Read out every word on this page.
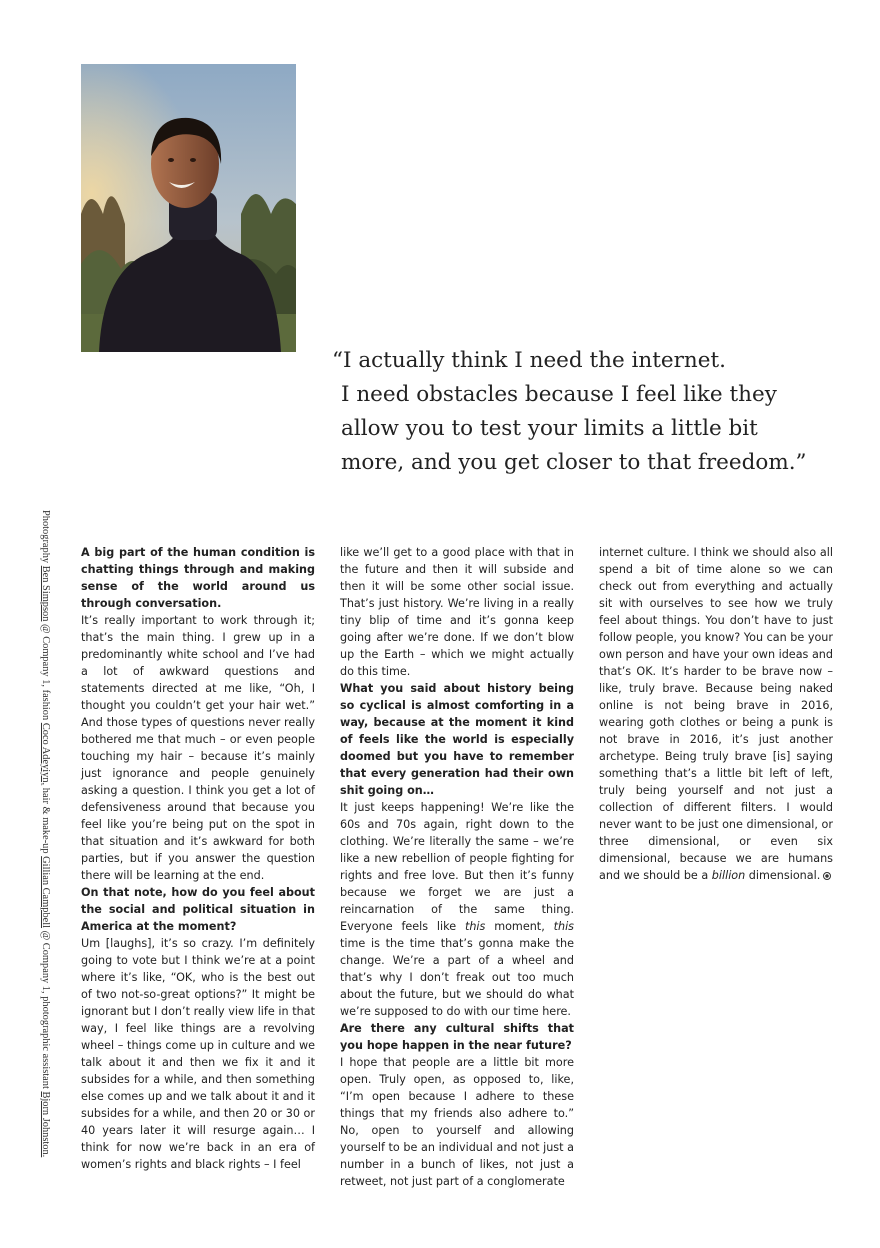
“I actually think I need the internet.
I need obstacles because I feel like they
allow you to test your limits a little bit
more, and you get closer to that freedom.”
Photography Ben Simpson @ Company 1, fashion Coco Adeyiyn, hair & make-up Gillian Campbell @ Company 1, photographic assistant Bjorn Johnston.

A big part of the human condition is chatting things through and making sense of the world around us through conversation.

It’s really important to work through it; that’s the main thing. I grew up in a predominantly white school and I’ve had a lot of awkward questions and statements directed at me like, “Oh, I thought you couldn’t get your hair wet.” And those types of questions never really bothered me that much – or even people touching my hair – because it’s mainly just ignorance and people genuinely asking a question. I think you get a lot of defensiveness around that because you feel like you’re being put on the spot in that situation and it’s awkward for both parties, but if you answer the question there will be learning at the end.

On that note, how do you feel about the social and political situation in America at the moment?

Um [laughs], it’s so crazy. I’m definitely going to vote but I think we’re at a point where it’s like, “OK, who is the best out of two not-so-great options?” It might be ignorant but I don’t really view life in that way, I feel like things are a revolving wheel – things come up in culture and we talk about it and then we fix it and it subsides for a while, and then something else comes up and we talk about it and it subsides for a while, and then 20 or 30 or 40 years later it will resurge again… I think for now we’re back in an era of women’s rights and black rights – I feel

like we’ll get to a good place with that in the future and then it will subside and then it will be some other social issue. That’s just history. We’re living in a really tiny blip of time and it’s gonna keep going after we’re done. If we don’t blow up the Earth – which we might actually do this time.

What you said about history being so cyclical is almost comforting in a way, because at the moment it kind of feels like the world is especially doomed but you have to remember that every generation had their own shit going on…

It just keeps happening! We’re like the 60s and 70s again, right down to the clothing. We’re literally the same – we’re like a new rebellion of people fighting for rights and free love. But then it’s funny because we forget we are just a reincarnation of the same thing. Everyone feels like this moment, this time is the time that’s gonna make the change. We’re a part of a wheel and that’s why I don’t freak out too much about the future, but we should do what we’re supposed to do with our time here.

Are there any cultural shifts that you hope happen in the near future?

I hope that people are a little bit more open. Truly open, as opposed to, like, “I’m open because I adhere to these things that my friends also adhere to.” No, open to yourself and allowing yourself to be an individual and not just a number in a bunch of likes, not just a retweet, not just part of a conglomerate

internet culture. I think we should also all spend a bit of time alone so we can check out from everything and actually sit with ourselves to see how we truly feel about things. You don’t have to just follow people, you know? You can be your own person and have your own ideas and that’s OK. It’s harder to be brave now – like, truly brave. Because being naked online is not being brave in 2016, wearing goth clothes or being a punk is not brave in 2016, it’s just another archetype. Being truly brave [is] saying something that’s a little bit left of left, truly being yourself and not just a collection of different filters. I would never want to be just one dimensional, or three dimensional, or even six dimensional, because we are humans and we should be a billion dimensional.
